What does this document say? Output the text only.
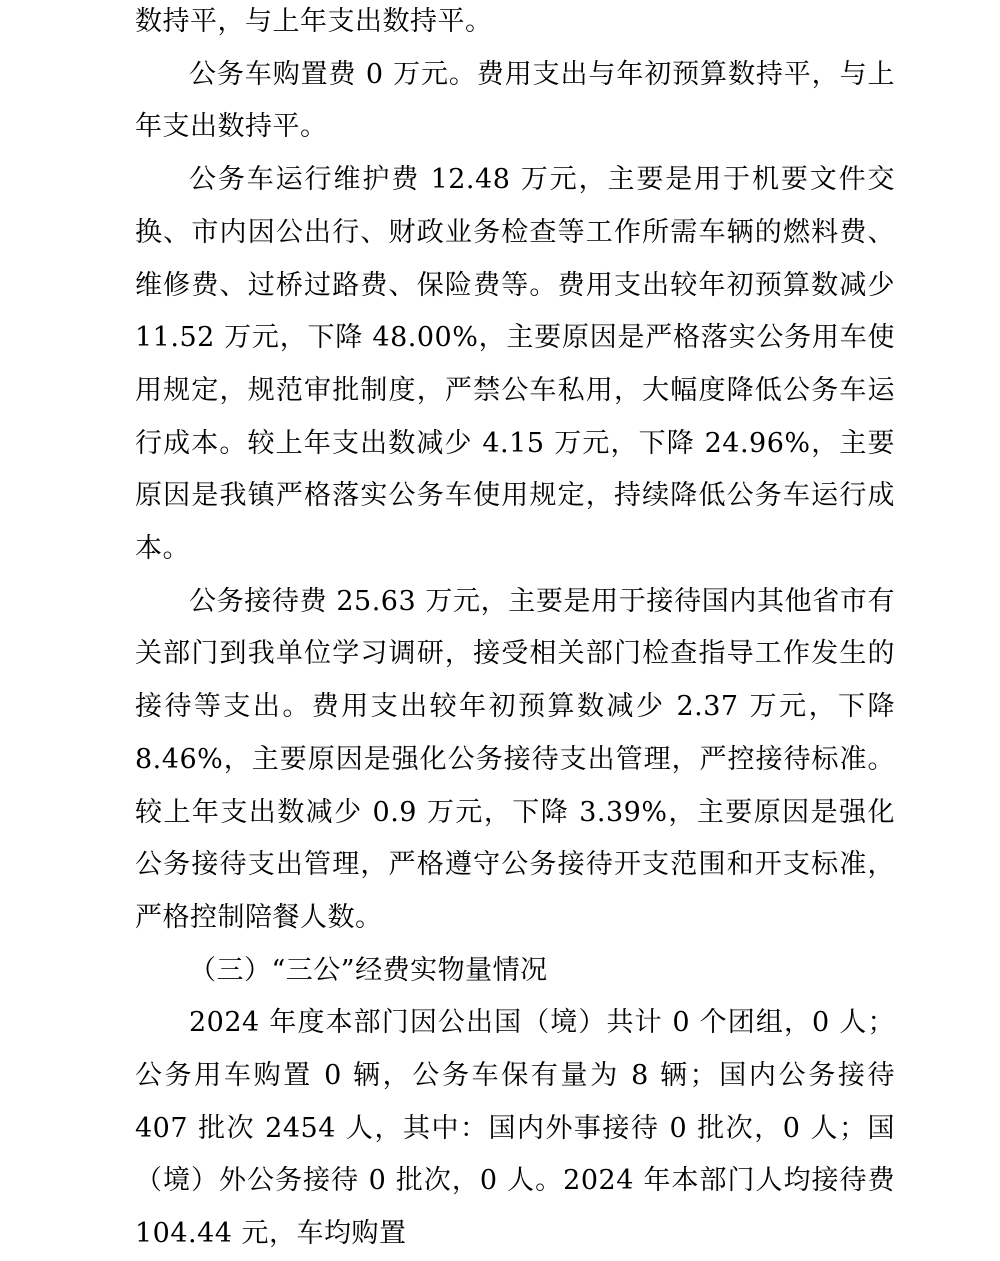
数持平，与上年支出数持平。

公务车购置费 0 万元。费用支出与年初预算数持平，与上年支出数持平。

公务车运行维护费 12.48 万元，主要是用于机要文件交换、市内因公出行、财政业务检查等工作所需车辆的燃料费、维修费、过桥过路费、保险费等。费用支出较年初预算数减少 11.52 万元，下降 48.00%，主要原因是严格落实公务用车使用规定，规范审批制度，严禁公车私用，大幅度降低公务车运行成本。较上年支出数减少 4.15 万元，下降 24.96%，主要原因是我镇严格落实公务车使用规定，持续降低公务车运行成本。

公务接待费 25.63 万元，主要是用于接待国内其他省市有关部门到我单位学习调研，接受相关部门检查指导工作发生的接待等支出。费用支出较年初预算数减少 2.37 万元，下降 8.46%，主要原因是强化公务接待支出管理，严控接待标准。较上年支出数减少 0.9 万元，下降 3.39%，主要原因是强化公务接待支出管理，严格遵守公务接待开支范围和开支标准，严格控制陪餐人数。

（三）“三公”经费实物量情况

2024 年度本部门因公出国（境）共计 0 个团组，0 人；公务用车购置 0 辆，公务车保有量为 8 辆；国内公务接待 407 批次 2454 人，其中：国内外事接待 0 批次，0 人；国（境）外公务接待 0 批次，0 人。2024 年本部门人均接待费 104.44 元，车均购置
